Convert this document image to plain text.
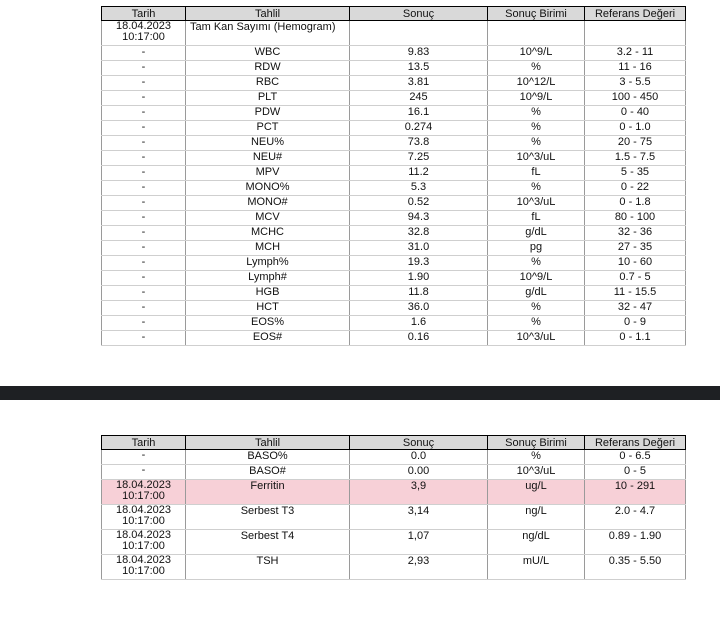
Tarih	Tahlil	Sonuç	Sonuç Birimi	Referans Değeri
18.04.2023
10:17:00	Tam Kan Sayımı (Hemogram)			
-	WBC	9.83	10^9/L	3.2 - 11
-	RDW	13.5	%	11 - 16
-	RBC	3.81	10^12/L	3 - 5.5
-	PLT	245	10^9/L	100 - 450
-	PDW	16.1	%	0 - 40
-	PCT	0.274	%	0 - 1.0
-	NEU%	73.8	%	20 - 75
-	NEU#	7.25	10^3/uL	1.5 - 7.5
-	MPV	11.2	fL	5 - 35
-	MONO%	5.3	%	0 - 22
-	MONO#	0.52	10^3/uL	0 - 1.8
-	MCV	94.3	fL	80 - 100
-	MCHC	32.8	g/dL	32 - 36
-	MCH	31.0	pg	27 - 35
-	Lymph%	19.3	%	10 - 60
-	Lymph#	1.90	10^9/L	0.7 - 5
-	HGB	11.8	g/dL	11 - 15.5
-	HCT	36.0	%	32 - 47
-	EOS%	1.6	%	0 - 9
-	EOS#	0.16	10^3/uL	0 - 1.1
Tarih	Tahlil	Sonuç	Sonuç Birimi	Referans Değeri
-	BASO%	0.0	%	0 - 6.5
-	BASO#	0.00	10^3/uL	0 - 5
18.04.2023
10:17:00	Ferritin	3,9	ug/L	10 - 291
18.04.2023
10:17:00	Serbest T3	3,14	ng/L	2.0 - 4.7
18.04.2023
10:17:00	Serbest T4	1,07	ng/dL	0.89 - 1.90
18.04.2023
10:17:00	TSH	2,93	mU/L	0.35 - 5.50
